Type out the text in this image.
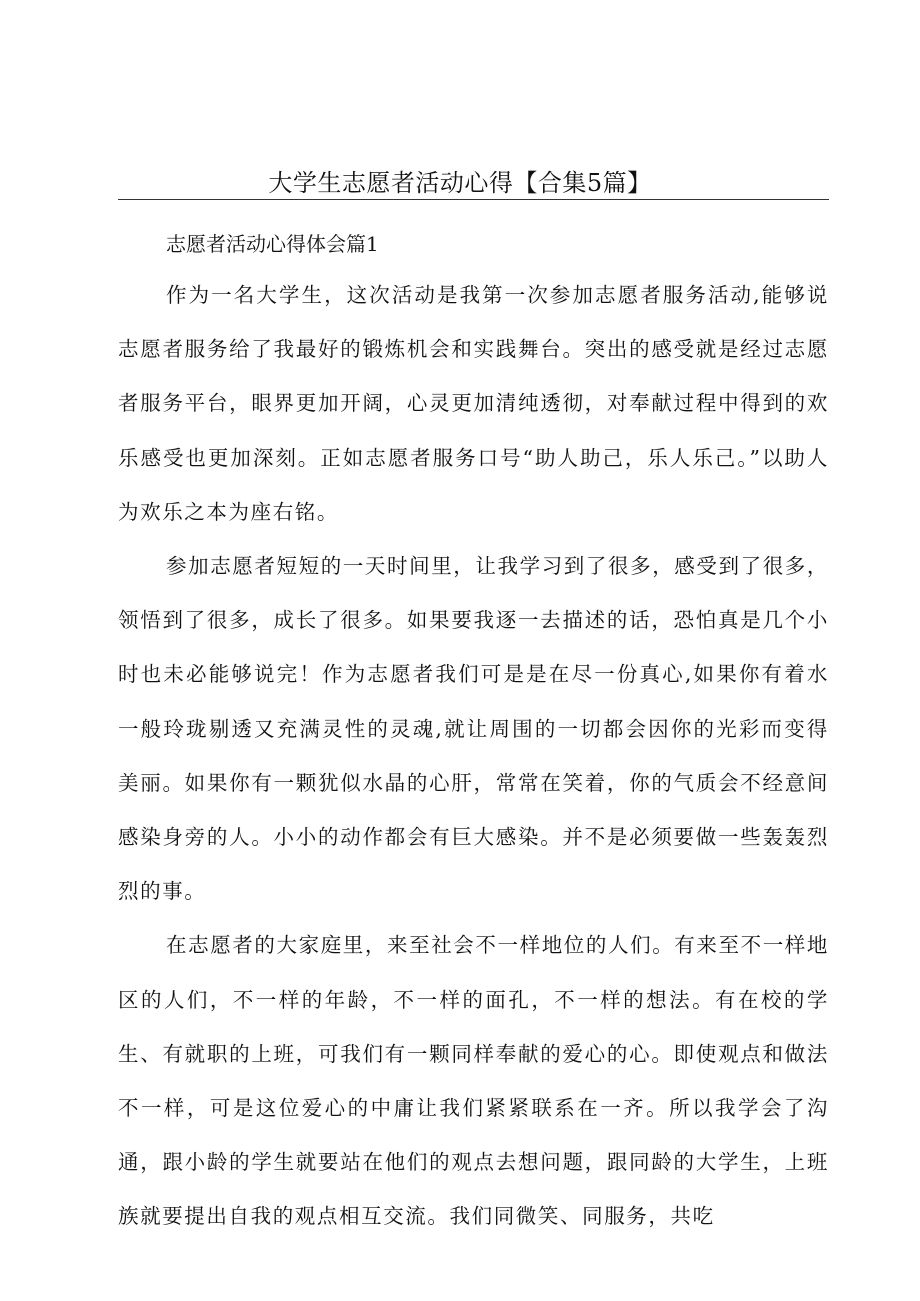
大学生志愿者活动心得【合集5篇】
志愿者活动心得体会篇1

作为一名大学生，这次活动是我第一次参加志愿者服务活动,能够说志愿者服务给了我最好的锻炼机会和实践舞台。突出的感受就是经过志愿者服务平台，眼界更加开阔，心灵更加清纯透彻，对奉献过程中得到的欢乐感受也更加深刻。正如志愿者服务口号“助人助己，乐人乐己。”以助人为欢乐之本为座右铭。

参加志愿者短短的一天时间里，让我学习到了很多，感受到了很多，领悟到了很多，成长了很多。如果要我逐一去描述的话，恐怕真是几个小时也未必能够说完！作为志愿者我们可是是在尽一份真心,如果你有着水一般玲珑剔透又充满灵性的灵魂,就让周围的一切都会因你的光彩而变得美丽。如果你有一颗犹似水晶的心肝，常常在笑着，你的气质会不经意间感染身旁的人。小小的动作都会有巨大感染。并不是必须要做一些轰轰烈烈的事。

在志愿者的大家庭里，来至社会不一样地位的人们。有来至不一样地区的人们，不一样的年龄，不一样的面孔，不一样的想法。有在校的学生、有就职的上班，可我们有一颗同样奉献的爱心的心。即使观点和做法不一样，可是这位爱心的中庸让我们紧紧联系在一齐。所以我学会了沟通，跟小龄的学生就要站在他们的观点去想问题，跟同龄的大学生，上班族就要提出自我的观点相互交流。我们同微笑、同服务，共吃
